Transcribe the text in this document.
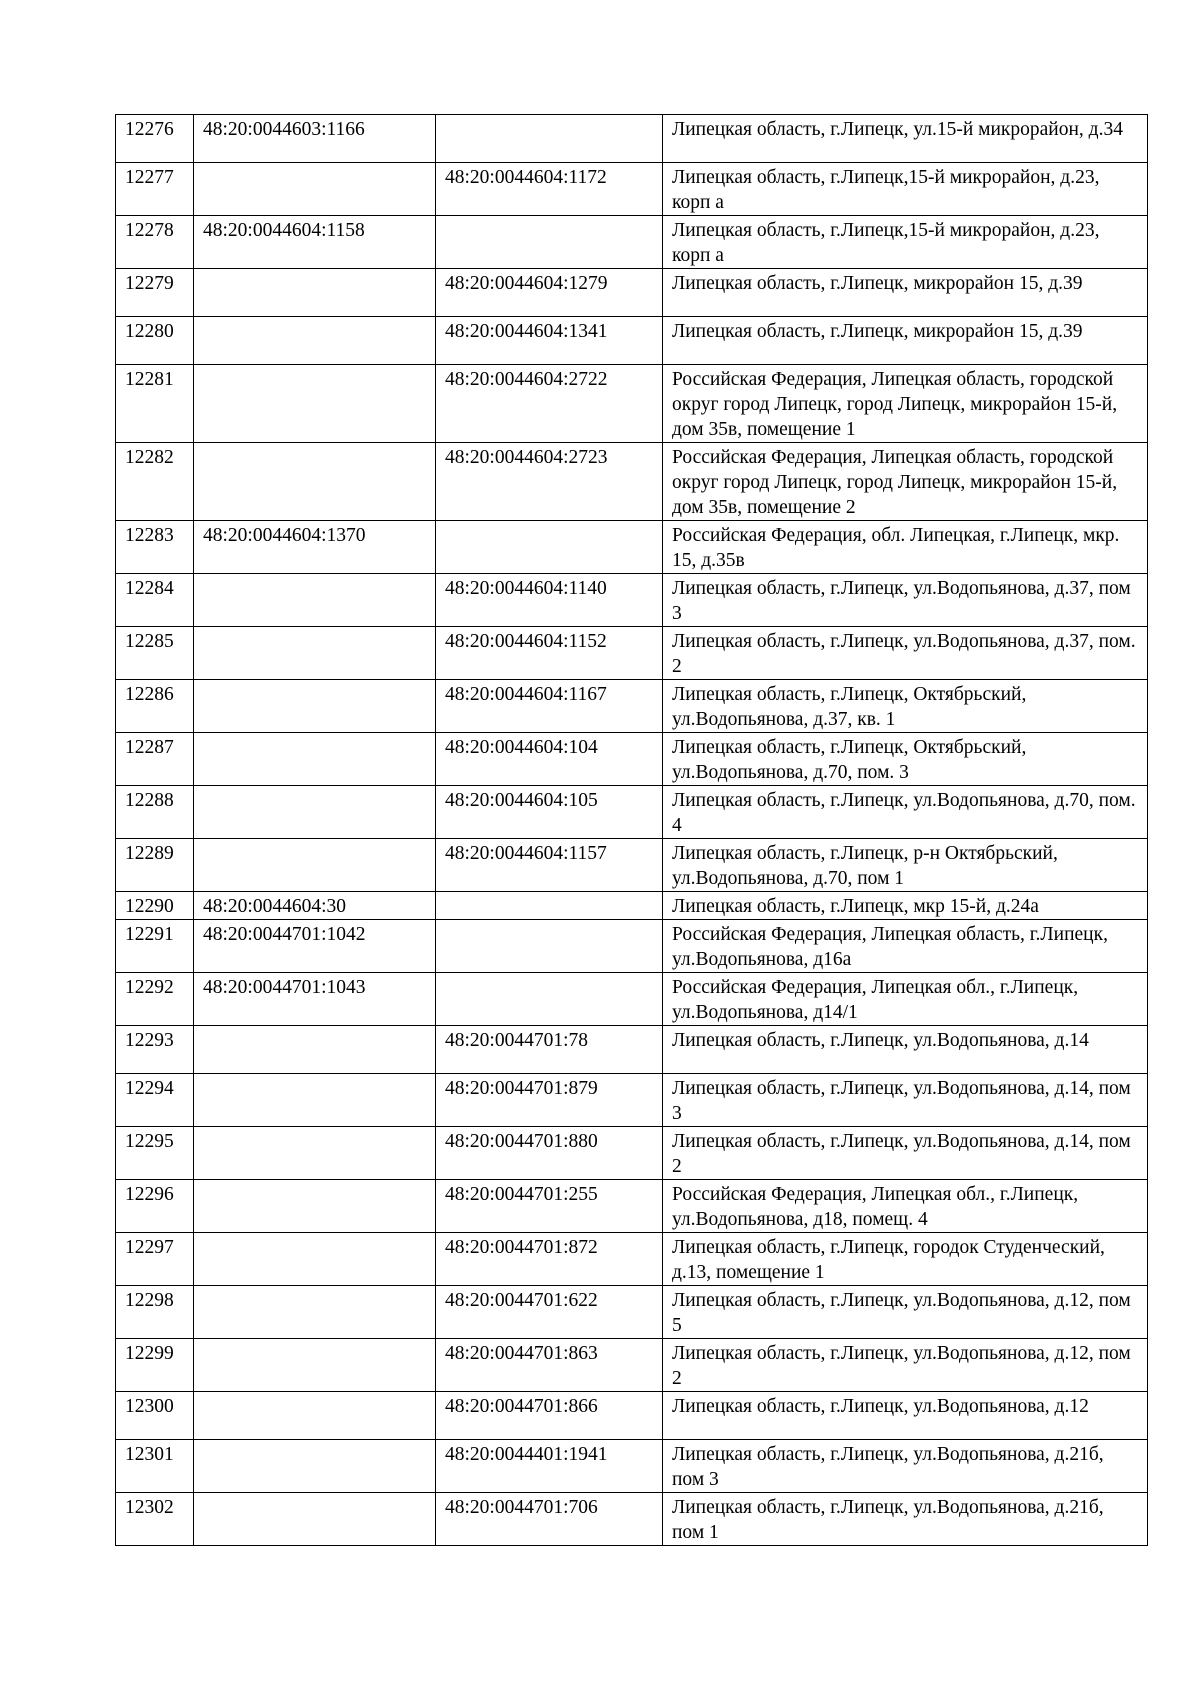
12276	48:20:0044603:1166		Липецкая область, г.Липецк, ул.15-й микрорайон, д.34
12277		48:20:0044604:1172	Липецкая область, г.Липецк,15-й микрорайон, д.23, корп а
12278	48:20:0044604:1158		Липецкая область, г.Липецк,15-й микрорайон, д.23, корп а
12279		48:20:0044604:1279	Липецкая область, г.Липецк, микрорайон 15, д.39
12280		48:20:0044604:1341	Липецкая область, г.Липецк, микрорайон 15, д.39
12281		48:20:0044604:2722	Российская Федерация, Липецкая область, городской округ город Липецк, город Липецк, микрорайон 15-й, дом 35в, помещение 1
12282		48:20:0044604:2723	Российская Федерация, Липецкая область, городской округ город Липецк, город Липецк, микрорайон 15-й, дом 35в, помещение 2
12283	48:20:0044604:1370		Российская Федерация, обл. Липецкая, г.Липецк, мкр. 15, д.35в
12284		48:20:0044604:1140	Липецкая область, г.Липецк, ул.Водопьянова, д.37, пом 3
12285		48:20:0044604:1152	Липецкая область, г.Липецк, ул.Водопьянова, д.37, пом. 2
12286		48:20:0044604:1167	Липецкая область, г.Липецк, Октябрьский, ул.Водопьянова, д.37, кв. 1
12287		48:20:0044604:104	Липецкая область, г.Липецк, Октябрьский, ул.Водопьянова, д.70, пом. 3
12288		48:20:0044604:105	Липецкая область, г.Липецк, ул.Водопьянова, д.70, пом. 4
12289		48:20:0044604:1157	Липецкая область, г.Липецк, р-н Октябрьский, ул.Водопьянова, д.70, пом 1
12290	48:20:0044604:30		Липецкая область, г.Липецк, мкр 15-й, д.24а
12291	48:20:0044701:1042		Российская Федерация, Липецкая область, г.Липецк, ул.Водопьянова, д16а
12292	48:20:0044701:1043		Российская Федерация, Липецкая обл., г.Липецк, ул.Водопьянова, д14/1
12293		48:20:0044701:78	Липецкая область, г.Липецк, ул.Водопьянова, д.14
12294		48:20:0044701:879	Липецкая область, г.Липецк, ул.Водопьянова, д.14, пом 3
12295		48:20:0044701:880	Липецкая область, г.Липецк, ул.Водопьянова, д.14, пом 2
12296		48:20:0044701:255	Российская Федерация, Липецкая обл., г.Липецк, ул.Водопьянова, д18, помещ. 4
12297		48:20:0044701:872	Липецкая область, г.Липецк, городок Студенческий, д.13, помещение 1
12298		48:20:0044701:622	Липецкая область, г.Липецк, ул.Водопьянова, д.12, пом 5
12299		48:20:0044701:863	Липецкая область, г.Липецк, ул.Водопьянова, д.12, пом 2
12300		48:20:0044701:866	Липецкая область, г.Липецк, ул.Водопьянова, д.12
12301		48:20:0044401:1941	Липецкая область, г.Липецк, ул.Водопьянова, д.21б, пом 3
12302		48:20:0044701:706	Липецкая область, г.Липецк, ул.Водопьянова, д.21б, пом 1
